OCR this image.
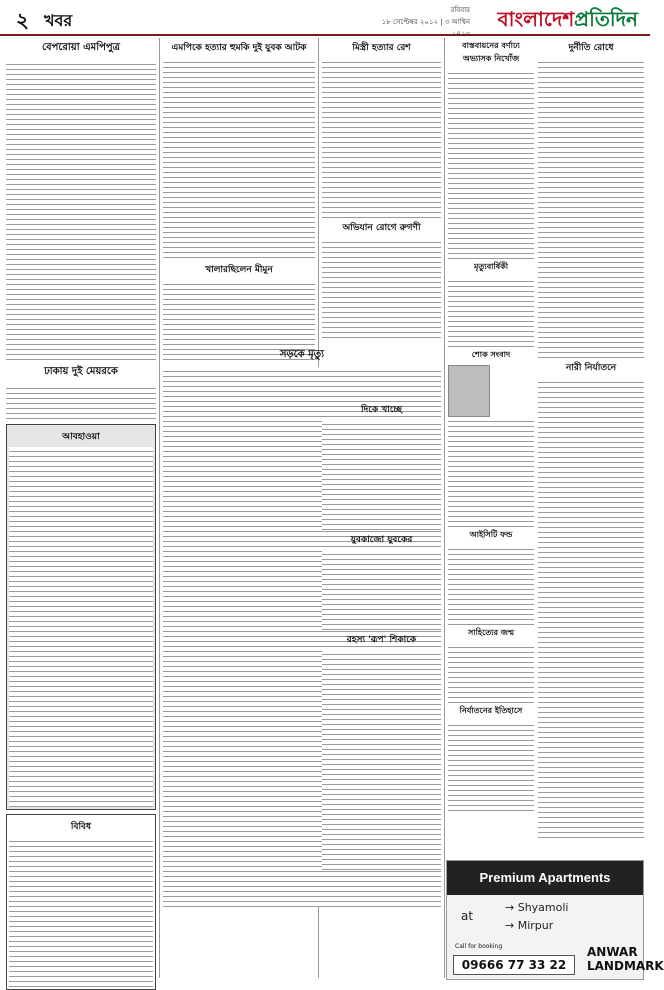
২ খবর
রবিবার
১৮ সেপ্টেম্বর ২০১২ | ৩ আশ্বিন ১৪২৩
বাংলাদেশপ্রতিদিন
বেপরোয়া এমপিপুত্র
ঢাকায় দুই মেয়রকে
আবহাওয়া
বিবিধ
এমপিকে হত্যার হুমকি দুই যুবক আটক
খালারছিলেন মীমুন
সড়কে মৃত্যু
মিস্ত্রী হত্যার রেশ
অভিযান রোগে রুগণী
দিকে খাচ্ছে
যুবকাজো যুবকের
রহস্য 'রূপ' শিকাকে
বাস্তবায়নের বর্ণাঢ্য অভ্যাসক নিখোঁজ
মৃত্যুবার্ষিকী
শোক সংবাদ
আইসিটি ফন্ড
সাহিত্যের জন্ম
নির্যাতনের ইতিহাসে
দুর্নীতি রোধে
নারী নির্যাতনে
Premium Apartments
at
→ Shyamoli
→ Mirpur
Call for booking
09666 77 33 22
ANWAR LANDMARK
